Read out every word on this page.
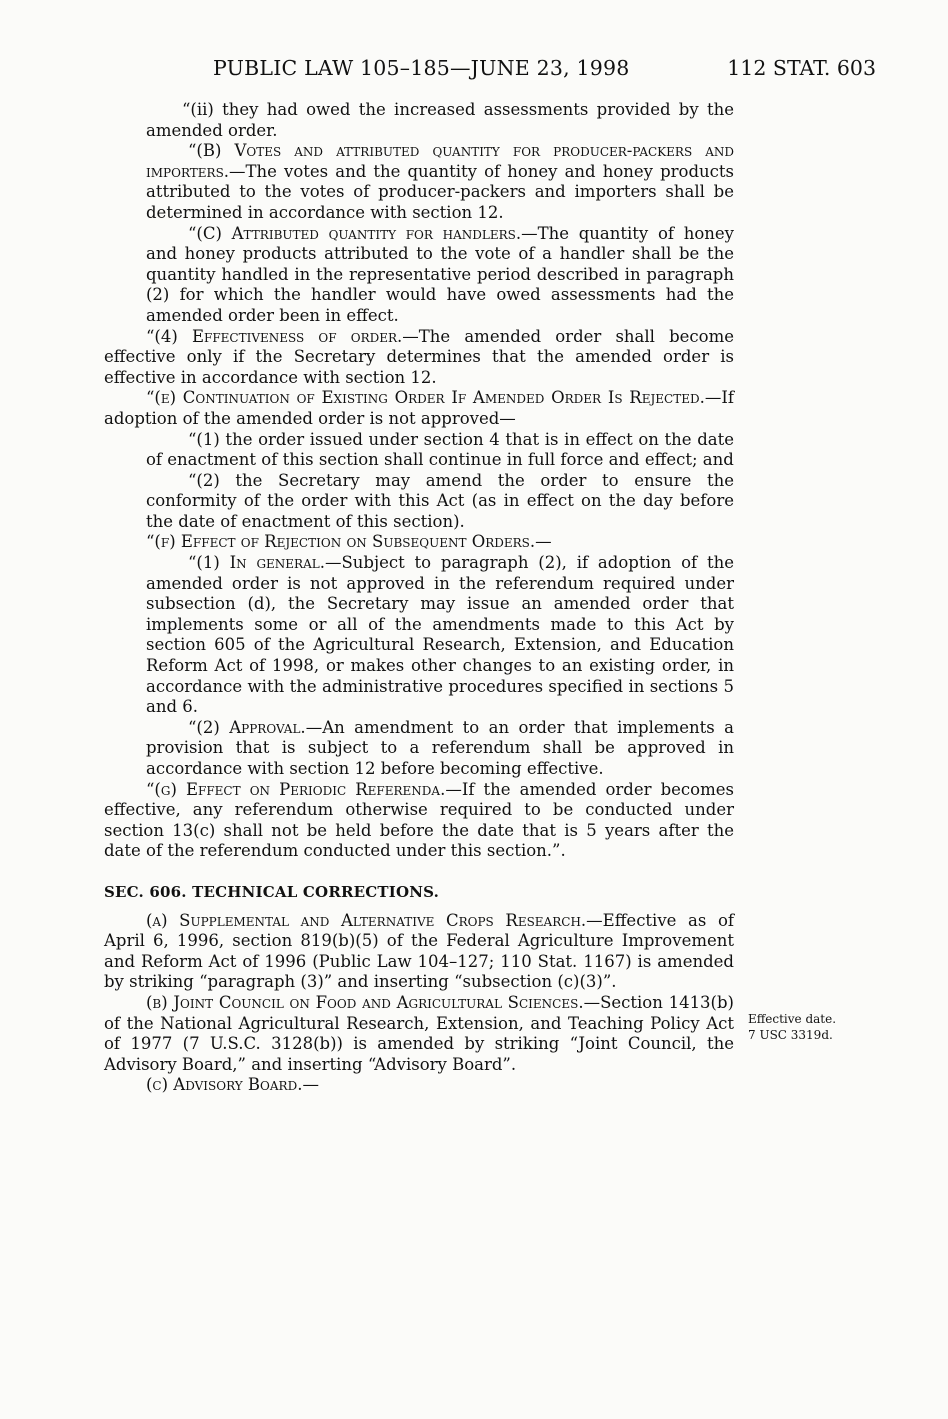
PUBLIC LAW 105–185—JUNE 23, 1998	112 STAT. 603

“(ii) they had owed the increased assessments provided by the amended order.

“(B) Votes and attributed quantity for producer-packers and importers.—The votes and the quantity of honey and honey products attributed to the votes of producer-packers and importers shall be determined in accordance with section 12.

“(C) Attributed quantity for handlers.—The quantity of honey and honey products attributed to the vote of a handler shall be the quantity handled in the representative period described in paragraph (2) for which the handler would have owed assessments had the amended order been in effect.

“(4) Effectiveness of order.—The amended order shall become effective only if the Secretary determines that the amended order is effective in accordance with section 12.

“(e) Continuation of Existing Order If Amended Order Is Rejected.—If adoption of the amended order is not approved—

“(1) the order issued under section 4 that is in effect on the date of enactment of this section shall continue in full force and effect; and

“(2) the Secretary may amend the order to ensure the conformity of the order with this Act (as in effect on the day before the date of enactment of this section).

“(f) Effect of Rejection on Subsequent Orders.—

“(1) In general.—Subject to paragraph (2), if adoption of the amended order is not approved in the referendum required under subsection (d), the Secretary may issue an amended order that implements some or all of the amendments made to this Act by section 605 of the Agricultural Research, Extension, and Education Reform Act of 1998, or makes other changes to an existing order, in accordance with the administrative procedures specified in sections 5 and 6.

“(2) Approval.—An amendment to an order that implements a provision that is subject to a referendum shall be approved in accordance with section 12 before becoming effective.

“(g) Effect on Periodic Referenda.—If the amended order becomes effective, any referendum otherwise required to be conducted under section 13(c) shall not be held before the date that is 5 years after the date of the referendum conducted under this section.”.

SEC. 606. TECHNICAL CORRECTIONS.

(a) Supplemental and Alternative Crops Research.—Effective as of April 6, 1996, section 819(b)(5) of the Federal Agriculture Improvement and Reform Act of 1996 (Public Law 104–127; 110 Stat. 1167) is amended by striking “paragraph (3)” and inserting “subsection (c)(3)”.

(b) Joint Council on Food and Agricultural Sciences.—Section 1413(b) of the National Agricultural Research, Extension, and Teaching Policy Act of 1977 (7 U.S.C. 3128(b)) is amended by striking “Joint Council, the Advisory Board,” and inserting “Advisory Board”.

(c) Advisory Board.—

Effective date.
7 USC 3319d.
